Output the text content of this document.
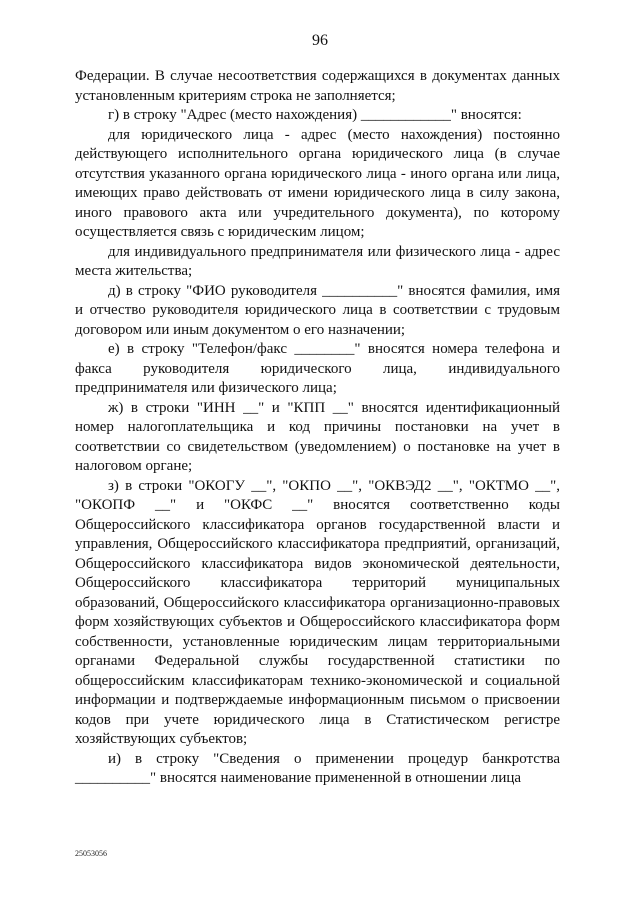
96

Федерации. В случае несоответствия содержащихся в документах данных установленным критериям строка не заполняется;

г) в строку "Адрес (место нахождения) ____________" вносятся:

для юридического лица - адрес (место нахождения) постоянно действующего исполнительного органа юридического лица (в случае отсутствия указанного органа юридического лица - иного органа или лица, имеющих право действовать от имени юридического лица в силу закона, иного правового акта или учредительного документа), по которому осуществляется связь с юридическим лицом;

для индивидуального предпринимателя или физического лица - адрес места жительства;

д) в строку "ФИО руководителя __________" вносятся фамилия, имя и отчество руководителя юридического лица в соответствии с трудовым договором или иным документом о его назначении;

е) в строку "Телефон/факс ________" вносятся номера телефона и факса руководителя юридического лица, индивидуального предпринимателя или физического лица;

ж) в строки "ИНН __" и "КПП __" вносятся идентификационный номер налогоплательщика и код причины постановки на учет в соответствии со свидетельством (уведомлением) о постановке на учет в налоговом органе;

з) в строки "ОКОГУ __", "ОКПО __", "ОКВЭД2 __", "ОКТМО __", "ОКОПФ __" и "ОКФС __" вносятся соответственно коды Общероссийского классификатора органов государственной власти и управления, Общероссийского классификатора предприятий, организаций, Общероссийского классификатора видов экономической деятельности, Общероссийского классификатора территорий муниципальных образований, Общероссийского классификатора организационно-правовых форм хозяйствующих субъектов и Общероссийского классификатора форм собственности, установленные юридическим лицам территориальными органами Федеральной службы государственной статистики по общероссийским классификаторам технико-экономической и социальной информации и подтверждаемые информационным письмом о присвоении кодов при учете юридического лица в Статистическом регистре хозяйствующих субъектов;

и) в строку "Сведения о применении процедур банкротства __________" вносятся наименование примененной в отношении лица

25053056
